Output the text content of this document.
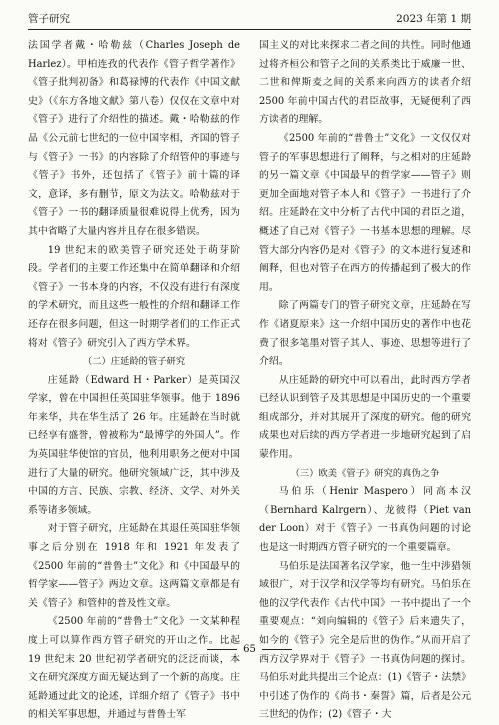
管子研究	2023 年第 1 期

法国学者戴・哈勒兹（Charles Joseph de Harlez）。甲柏连孜的代表作《管子哲学著作》《管子批判初备》和葛禄博的代表作《中国文献史》（《东方各地文献》第八卷）仅仅在文章中对《管子》进行了介绍性的描述。戴・哈勒兹的作品《公元前七世纪的一位中国宰相，齐国的管子与《管子》一书》的内容除了介绍管仲的事迹与《管子》书外，还包括了《管子》前十篇的译文，意译，多有删节，原文为法文。哈勒兹对于《管子》一书的翻译质量很难说得上优秀，因为其中省略了大量内容并且存在很多错误。

19 世纪末的欧美管子研究还处于萌芽阶段。学者们的主要工作还集中在简单翻译和介绍《管子》一书本身的内容，不仅没有进行有深度的学术研究，而且这些一般性的介绍和翻译工作还存在很多问题，但这一时期学者们的工作正式将对《管子》研究引入了西方学术界。

（二）庄延龄的管子研究

庄延龄（Edward H・Parker）是英国汉学家，曾在中国担任英国驻华领事。他于 1896 年来华，共在华生活了 26 年。庄延龄在当时就已经享有盛誉，曾被称为“最博学的外国人”。作为英国驻华使馆的官员，他利用职务之便对中国进行了大量的研究。他研究领域广泛，其中涉及中国的方言、民族、宗教、经济、文学、对外关系等诸多领域。

对于管子研究，庄延龄在其退任英国驻华领事之后分别在 1918 年和 1921 年发表了《2500 年前的“普鲁士”文化》和《中国最早的哲学家——管子》两边文章。这两篇文章都是有关《管子》和管仲的普及性文章。

《2500 年前的“普鲁士”文化》一文某种程度上可以算作西方管子研究的开山之作。比起 19 世纪末 20 世纪初学者研究的泛泛而谈，本文在研究深度方面无疑达到了一个新的高度。庄延龄通过此文的论述，详细介绍了《管子》书中的相关军事思想，并通过与普鲁士军

国主义的对比来探求二者之间的共性。同时他通过将齐桓公和管子之间的关系类比于威廉一世、二世和俾斯麦之间的关系来向西方的读者介绍 2500 年前中国古代的君臣故事，无疑便利了西方读者的理解。

《2500 年前的“普鲁士”文化》一文仅仅对管子的军事思想进行了阐释，与之相对的庄延龄的另一篇文章《中国最早的哲学家——管子》则更加全面地对管子本人和《管子》一书进行了介绍。庄延龄在文中分析了古代中国的君臣之道，概述了自己对《管子》一书基本思想的理解。尽管大部分内容仍是对《管子》的文本进行复述和阐释，但也对管子在西方的传播起到了极大的作用。

除了两篇专门的管子研究文章，庄延龄在写作《诸夏原来》这一介绍中国历史的著作中也花费了很多笔墨对管子其人、事迹、思想等进行了介绍。

从庄延龄的研究中可以看出，此时西方学者已经认识到管子及其思想是中国历史的一个重要组成部分，并对其展开了深度的研究。他的研究成果也对后续的西方学者进一步地研究起到了启蒙作用。

（三）欧美《管子》研究的真伪之争

马伯乐（Henir Maspero）同高本汉（Bernhard Kalrgern）、龙彼得（Piet van der Loon）对于《管子》一书真伪问题的讨论也是这一时期西方管子研究的一个重要篇章。

马伯乐是法国著名汉学家，他一生中涉猎领域很广，对于汉学和汉学等均有研究。马伯乐在他的汉学代表作《古代中国》一书中提出了一个重要观点：“刘向编辑的《管子》后来遗失了，如今的《管子》完全是后世的伪作。”从而开启了西方汉学界对于《管子》一书真伪问题的探讨。马伯乐对此共提出三个论点：(1)《管子・法禁》中引述了伪作的《尚书・秦誓》篇，后者是公元三世纪的伪作；(2)《管子・大

65
